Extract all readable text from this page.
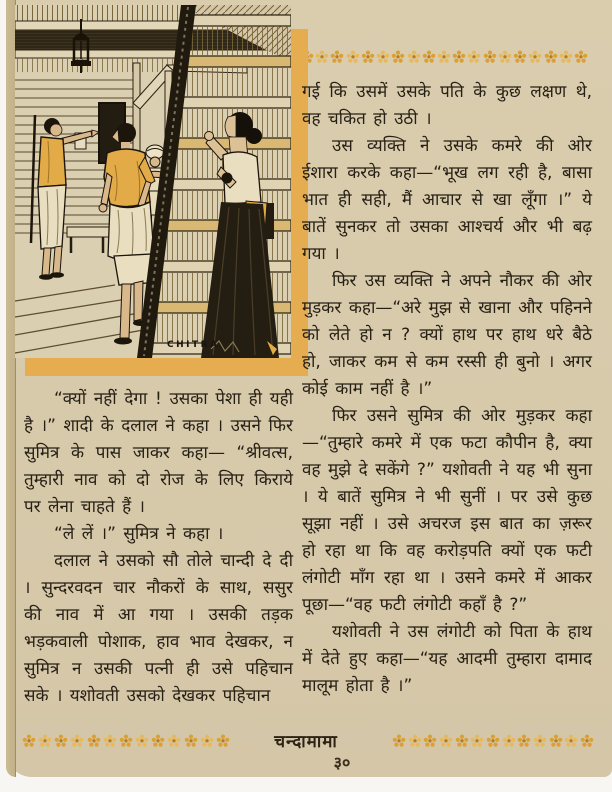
CHITRA

गई कि उसमें उसके पति के कुछ लक्षण थे, वह चकित हो उठी ।

उस व्यक्ति ने उसके कमरे की ओर ईशारा करके कहा—“भूख लग रही है, बासा भात ही सही, मैं आचार से खा लूँगा ।” ये बातें सुनकर तो उसका आश्चर्य और भी बढ़ गया ।

फिर उस व्यक्ति ने अपने नौकर की ओर मुड़कर कहा—“अरे मुझ से खाना और पहिनने को लेते हो न ? क्यों हाथ पर हाथ धरे बैठे हो, जाकर कम से कम रस्सी ही बुनो । अगर कोई काम नहीं है ।”

फिर उसने सुमित्र की ओर मुड़कर कहा—“तुम्हारे कमरे में एक फटा कौपीन है, क्या वह मुझे दे सकेंगे ?” यशोवती ने यह भी सुना । ये बातें सुमित्र ने भी सुनीं । पर उसे कुछ सूझा नहीं । उसे अचरज इस बात का ज़रूर हो रहा था कि वह करोड़पति क्यों एक फटी लंगोटी माँग रहा था । उसने कमरे में आकर पूछा—“वह फटी लंगोटी कहाँ है ?”

यशोवती ने उस लंगोटी को पिता के हाथ में देते हुए कहा—“यह आदमी तुम्हारा दामाद मालूम होता है ।”

“क्यों नहीं देगा ! उसका पेशा ही यही है ।” शादी के दलाल ने कहा । उसने फिर सुमित्र के पास जाकर कहा— “श्रीवत्स, तुम्हारी नाव को दो रोज के लिए किराये पर लेना चाहते हैं ।

“ले लें ।” सुमित्र ने कहा ।

दलाल ने उसको सौ तोले चान्दी दे दी । सुन्दरवदन चार नौकरों के साथ, ससुर की नाव में आ गया । उसकी तड़क भड़कवाली पोशाक, हाव भाव देखकर, न सुमित्र न उसकी पत्नी ही उसे पहिचान सके । यशोवती उसको देखकर पहिचान

चन्दामामा
३०
